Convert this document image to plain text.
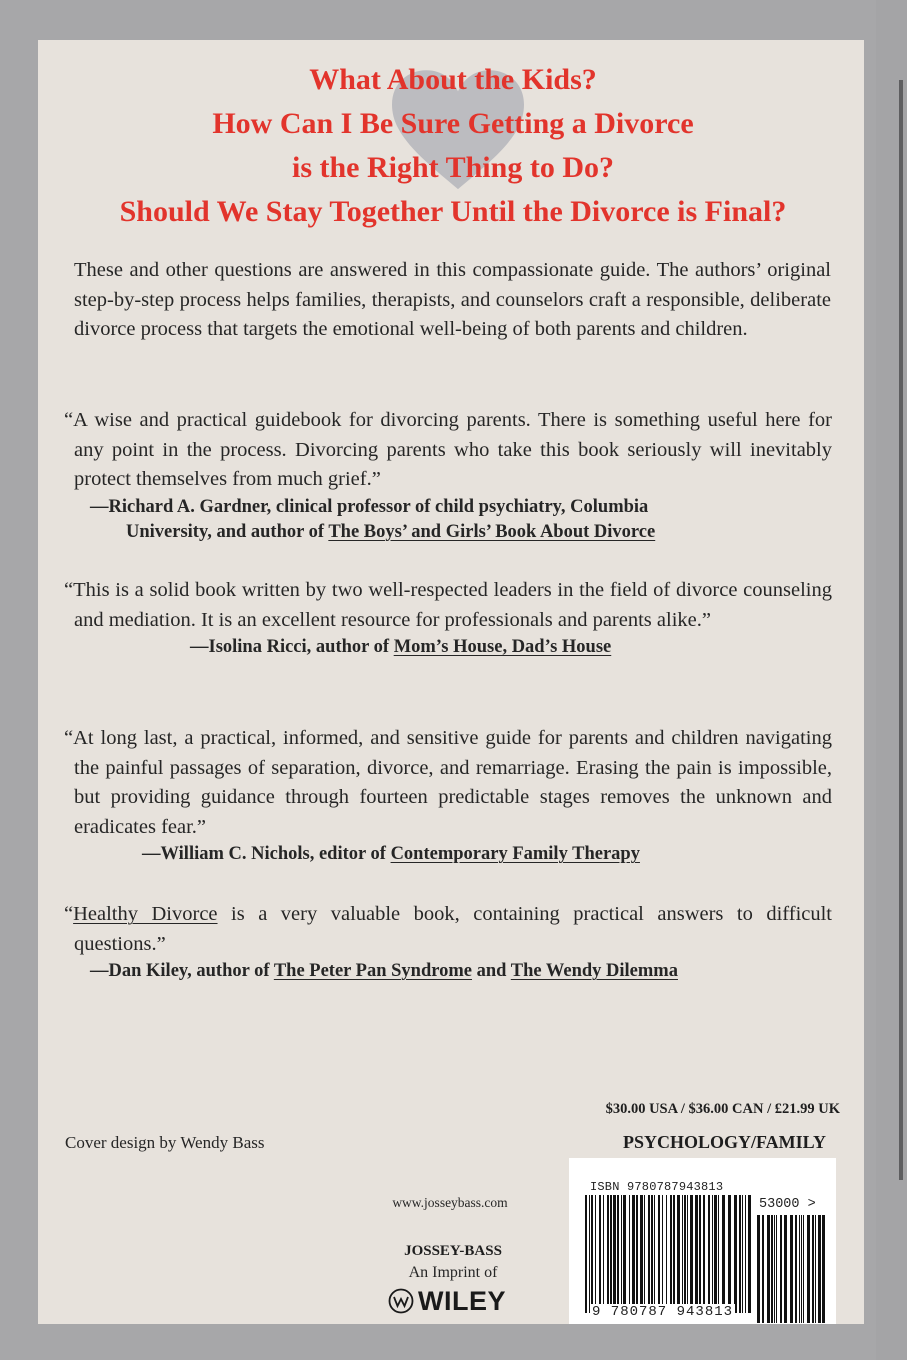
What About the Kids?
How Can I Be Sure Getting a Divorce
is the Right Thing to Do?
Should We Stay Together Until the Divorce is Final?
These and other questions are answered in this compassionate guide. The authors’ original step-by-step process helps families, therapists, and counselors craft a responsible, deliberate divorce process that targets the emotional well-being of both parents and children.
“A wise and practical guidebook for divorcing parents. There is something useful here for any point in the process. Divorcing parents who take this book seriously will inevitably protect themselves from much grief.”
—Richard A. Gardner, clinical professor of child psychiatry, Columbia
University, and author of The Boys’ and Girls’ Book About Divorce
“This is a solid book written by two well-respected leaders in the field of divorce counseling and mediation. It is an excellent resource for professionals and parents alike.”
—Isolina Ricci, author of Mom’s House, Dad’s House
“At long last, a practical, informed, and sensitive guide for parents and children navigating the painful passages of separation, divorce, and remarriage. Erasing the pain is impossible, but providing guidance through fourteen predictable stages removes the unknown and eradicates fear.”
—William C. Nichols, editor of Contemporary Family Therapy
“Healthy Divorce is a very valuable book, containing practical answers to difficult questions.”
—Dan Kiley, author of The Peter Pan Syndrome and The Wendy Dilemma
$30.00 USA / $36.00 CAN / £21.99 UK
PSYCHOLOGY/FAMILY
Cover design by Wendy Bass
www.josseybass.com
JOSSEY-BASS
An Imprint of
WILEY
ISBN 9780787943813
53000 >
9 780787 943813
